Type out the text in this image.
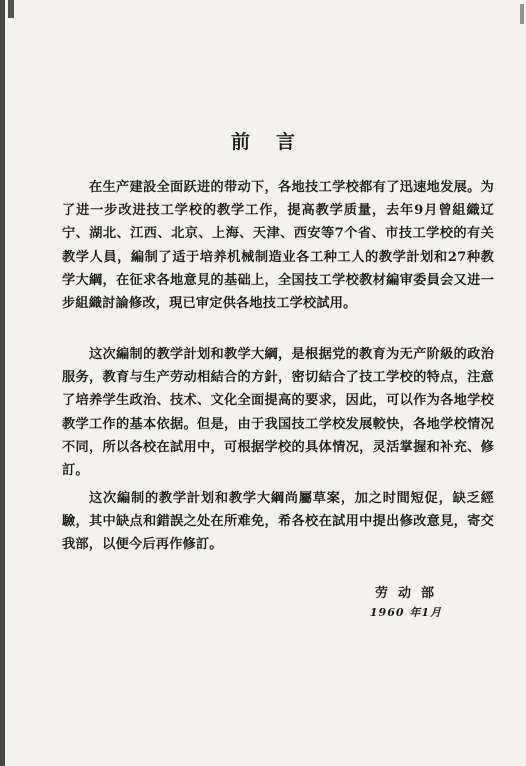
前言
在生产建設全面跃进的带动下，各地技工学校都有了迅速地发展。为了进一步改进技工学校的教学工作，提高教学质量，去年9月曾組織辽宁、湖北、江西、北京、上海、天津、西安等7个省、市技工学校的有关教学人員，編制了适于培养机械制造业各工种工人的教学計划和27种教学大綱，在征求各地意見的基础上，全国技工学校教材編审委員会又进一步組織討論修改，現已审定供各地技工学校試用。
这次編制的教学計划和教学大綱，是根据党的教育为无产阶級的政治服务，教育与生产劳动相結合的方針，密切結合了技工学校的特点，注意了培养学生政治、技术、文化全面提高的要求，因此，可以作为各地学校教学工作的基本依据。但是，由于我国技工学校发展較快，各地学校情况不同，所以各校在試用中，可根据学校的具体情况，灵活掌握和补充、修訂。
这次編制的教学計划和教学大綱尚屬草案，加之时間短促，缺乏經驗，其中缺点和錯誤之处在所难免，希各校在試用中提出修改意見，寄交我部，以便今后再作修訂。
劳动部
1960 年1月
